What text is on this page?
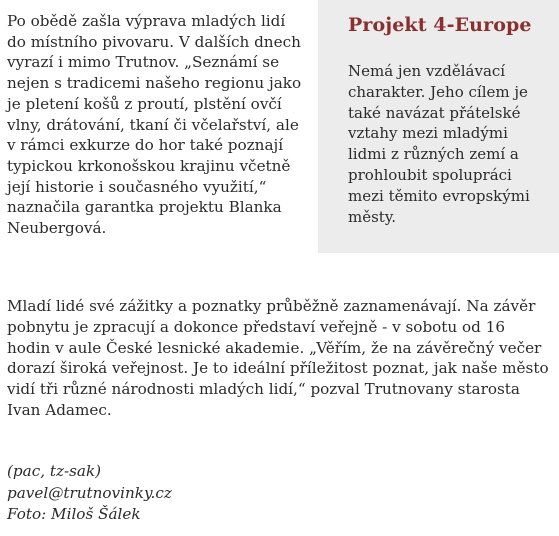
Po obědě zašla výprava mladých lidí do místního pivovaru. V dalších dnech vyrazí i mimo Trutnov. „Seznámí se nejen s tradicemi našeho regionu jako je pletení košů z proutí, plstění ovčí vlny, drátování, tkaní či včelařství, ale v rámci exkurze do hor také poznají typickou krkonošskou krajinu včetně její historie i současného využití,“ naznačila garantka projektu Blanka Neubergová.
Projekt 4-Europe

Nemá jen vzdělávací charakter. Jeho cílem je také navázat přátelské vztahy mezi mladými lidmi z různých zemí a prohloubit spolupráci mezi těmito evropskými městy.

Mladí lidé své zážitky a poznatky průběžně zaznamenávají. Na závěr pobnytu je zpracují a dokonce představí veřejně - v sobotu od 16 hodin v aule České lesnické akademie. „Věřím, že na závěrečný večer dorazí široká veřejnost. Je to ideální příležitost poznat, jak naše město vidí tři různé národnosti mladých lidí,“ pozval Trutnovany starosta Ivan Adamec.

(pac, tz-sak)
pavel@trutnovinky.cz
Foto: Miloš Šálek
